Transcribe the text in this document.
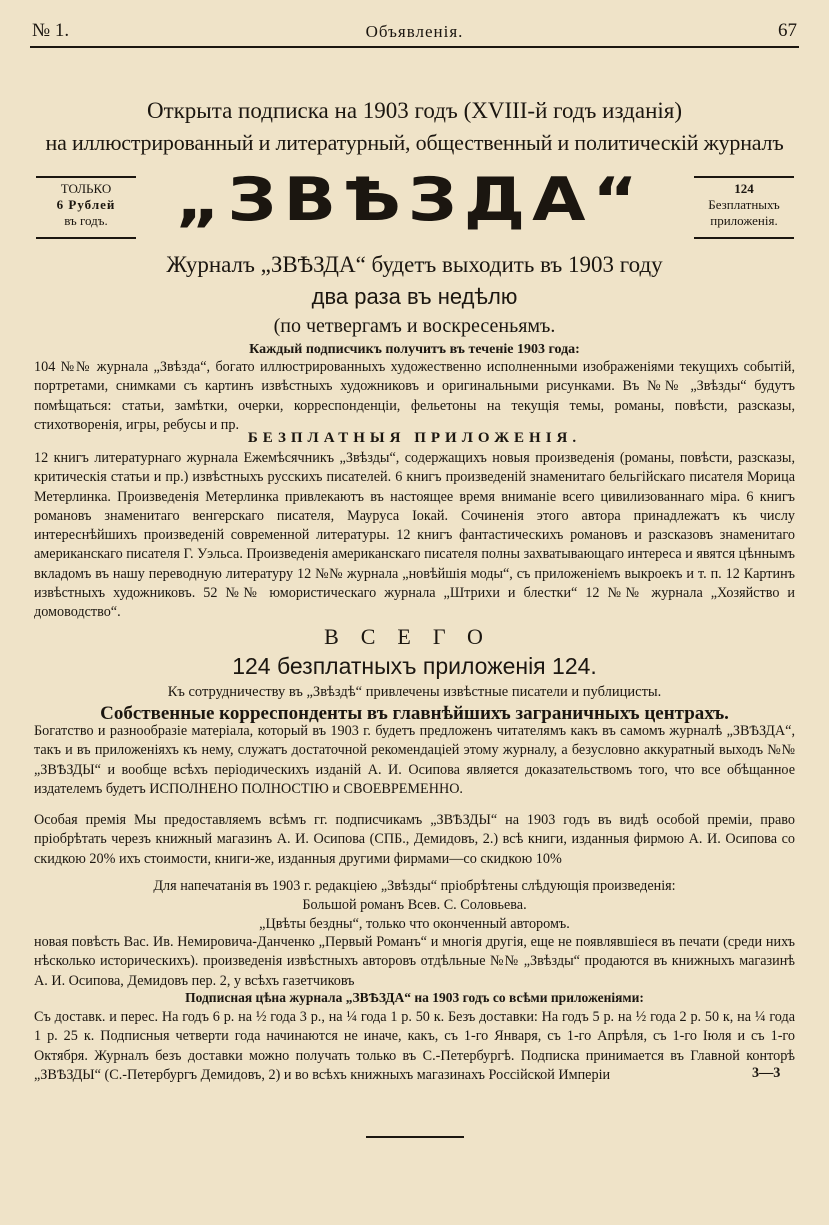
№ 1.	Объявленія.	67
Открыта подписка на 1903 годъ (XVIII-й годъ изданія)
на иллюстрированный и литературный, общественный и политическій журналъ
ТОЛЬКО
6 Рублей
въ годъ.	„ЗВѢЗДА“	124
Безплатныхъ
приложенія.
Журналъ „ЗВѢЗДА“ будетъ выходить въ 1903 году
два раза въ недѣлю
(по четвергамъ и воскресеньямъ.
Каждый подписчикъ получитъ въ теченіе 1903 года:
104 №№ журнала „Звѣзда“, богато иллюстрированныхъ художественно исполненными изображеніями текущихъ событій, портретами, снимками съ картинъ извѣстныхъ художниковъ и оригинальными рисунками. Въ №№ „Звѣзды“ будутъ помѣщаться: статьи, замѣтки, очерки, корреспонденціи, фельетоны на текущія темы, романы, повѣсти, разсказы, стихотворенія, игры, ребусы и пр.
БЕЗПЛАТНЫЯ ПРИЛОЖЕНІЯ.
12 книгъ литературнаго журнала Ежемѣсячникъ „Звѣзды“, содержащихъ новыя произведенія (романы, повѣсти, разсказы, критическія статьи и пр.) извѣстныхъ русскихъ писателей. 6 книгъ произведеній знаменитаго бельгійскаго писателя Морица Метерлинка. Произведенія Метерлинка привлекаютъ въ настоящее время вниманіе всего цивилизованнаго міра. 6 книгъ романовъ знаменитаго венгерскаго писателя, Мауруса Іокай. Сочиненія этого автора принадлежатъ къ числу интереснѣйшихъ произведеній современной литературы. 12 книгъ фантастическихъ романовъ и разсказовъ знаменитаго американскаго писателя Г. Уэльса. Произведенія американскаго писателя полны захватывающаго интереса и явятся цѣннымъ вкладомъ въ нашу переводную литературу 12 №№ журнала „новѣйшія моды“, съ приложеніемъ выкроекъ и т. п. 12 Картинъ извѣстныхъ художниковъ. 52 №№ юмористическаго журнала „Штрихи и блестки“ 12 №№ журнала „Хозяйство и домоводство“.
ВСЕГО
124 безплатныхъ приложенія 124.
Къ сотрудничеству въ „Звѣздѣ“ привлечены извѣстные писатели и публицисты.
Собственные корреспонденты въ главнѣйшихъ заграничныхъ центрахъ.
Богатство и разнообразіе матеріала, который въ 1903 г. будетъ предложенъ читателямъ какъ въ самомъ журналѣ „ЗВѢЗДА“, такъ и въ приложеніяхъ къ нему, служатъ достаточной рекомендаціей этому журналу, а безусловно аккуратный выходъ №№ „ЗВѢЗДЫ“ и вообще всѣхъ періодическихъ изданій А. И. Осипова является доказательствомъ того, что все обѣщанное издателемъ будетъ ИСПОЛНЕНО ПОЛНОСТІЮ и СВОЕВРЕМЕННО.
Особая премія Мы предоставляемъ всѣмъ гг. подписчикамъ „ЗВѢЗДЫ“ на 1903 годъ въ видѣ особой преміи, право пріобрѣтать черезъ книжный магазинъ А. И. Осипова (СПБ., Демидовъ, 2.) всѣ книги, изданныя фирмою А. И. Осипова со скидкою 20% ихъ стоимости, книги-же, изданныя другими фирмами—со скидкою 10%
Для напечатанія въ 1903 г. редакціею „Звѣзды“ пріобрѣтены слѣдующія произведенія:
Большой романъ Всев. С. Соловьева.
„Цвѣты бездны“, только что оконченный авторомъ.
новая повѣсть Вас. Ив. Немировича-Данченко „Первый Романъ“ и многія другія, еще не появлявшіеся въ печати (среди нихъ нѣсколько историческихъ). произведенія извѣстныхъ авторовъ отдѣльные №№ „Звѣзды“ продаются въ книжныхъ магазинѣ А. И. Осипова, Демидовъ пер. 2, у всѣхъ газетчиковъ
Подписная цѣна журнала „ЗВѢЗДА“ на 1903 годъ со всѣми приложеніями:
Съ доставк. и перес. На годъ 6 р. на ½ года 3 р., на ¼ года 1 р. 50 к. Безъ доставки: На годъ 5 р. на ½ года 2 р. 50 к, на ¼ года 1 р. 25 к. Подписныя четверти года начинаются не иначе, какъ, съ 1-го Января, съ 1-го Апрѣля, съ 1-го Іюля и съ 1-го Октября. Журналъ безъ доставки можно получать только въ С.-Петербургѣ. Подписка принимается въ Главной конторѣ „ЗВѢЗДЫ“ (С.-Петербургъ Демидовъ, 2) и во всѣхъ книжныхъ магазинахъ Россійской Имперіи	3—3
